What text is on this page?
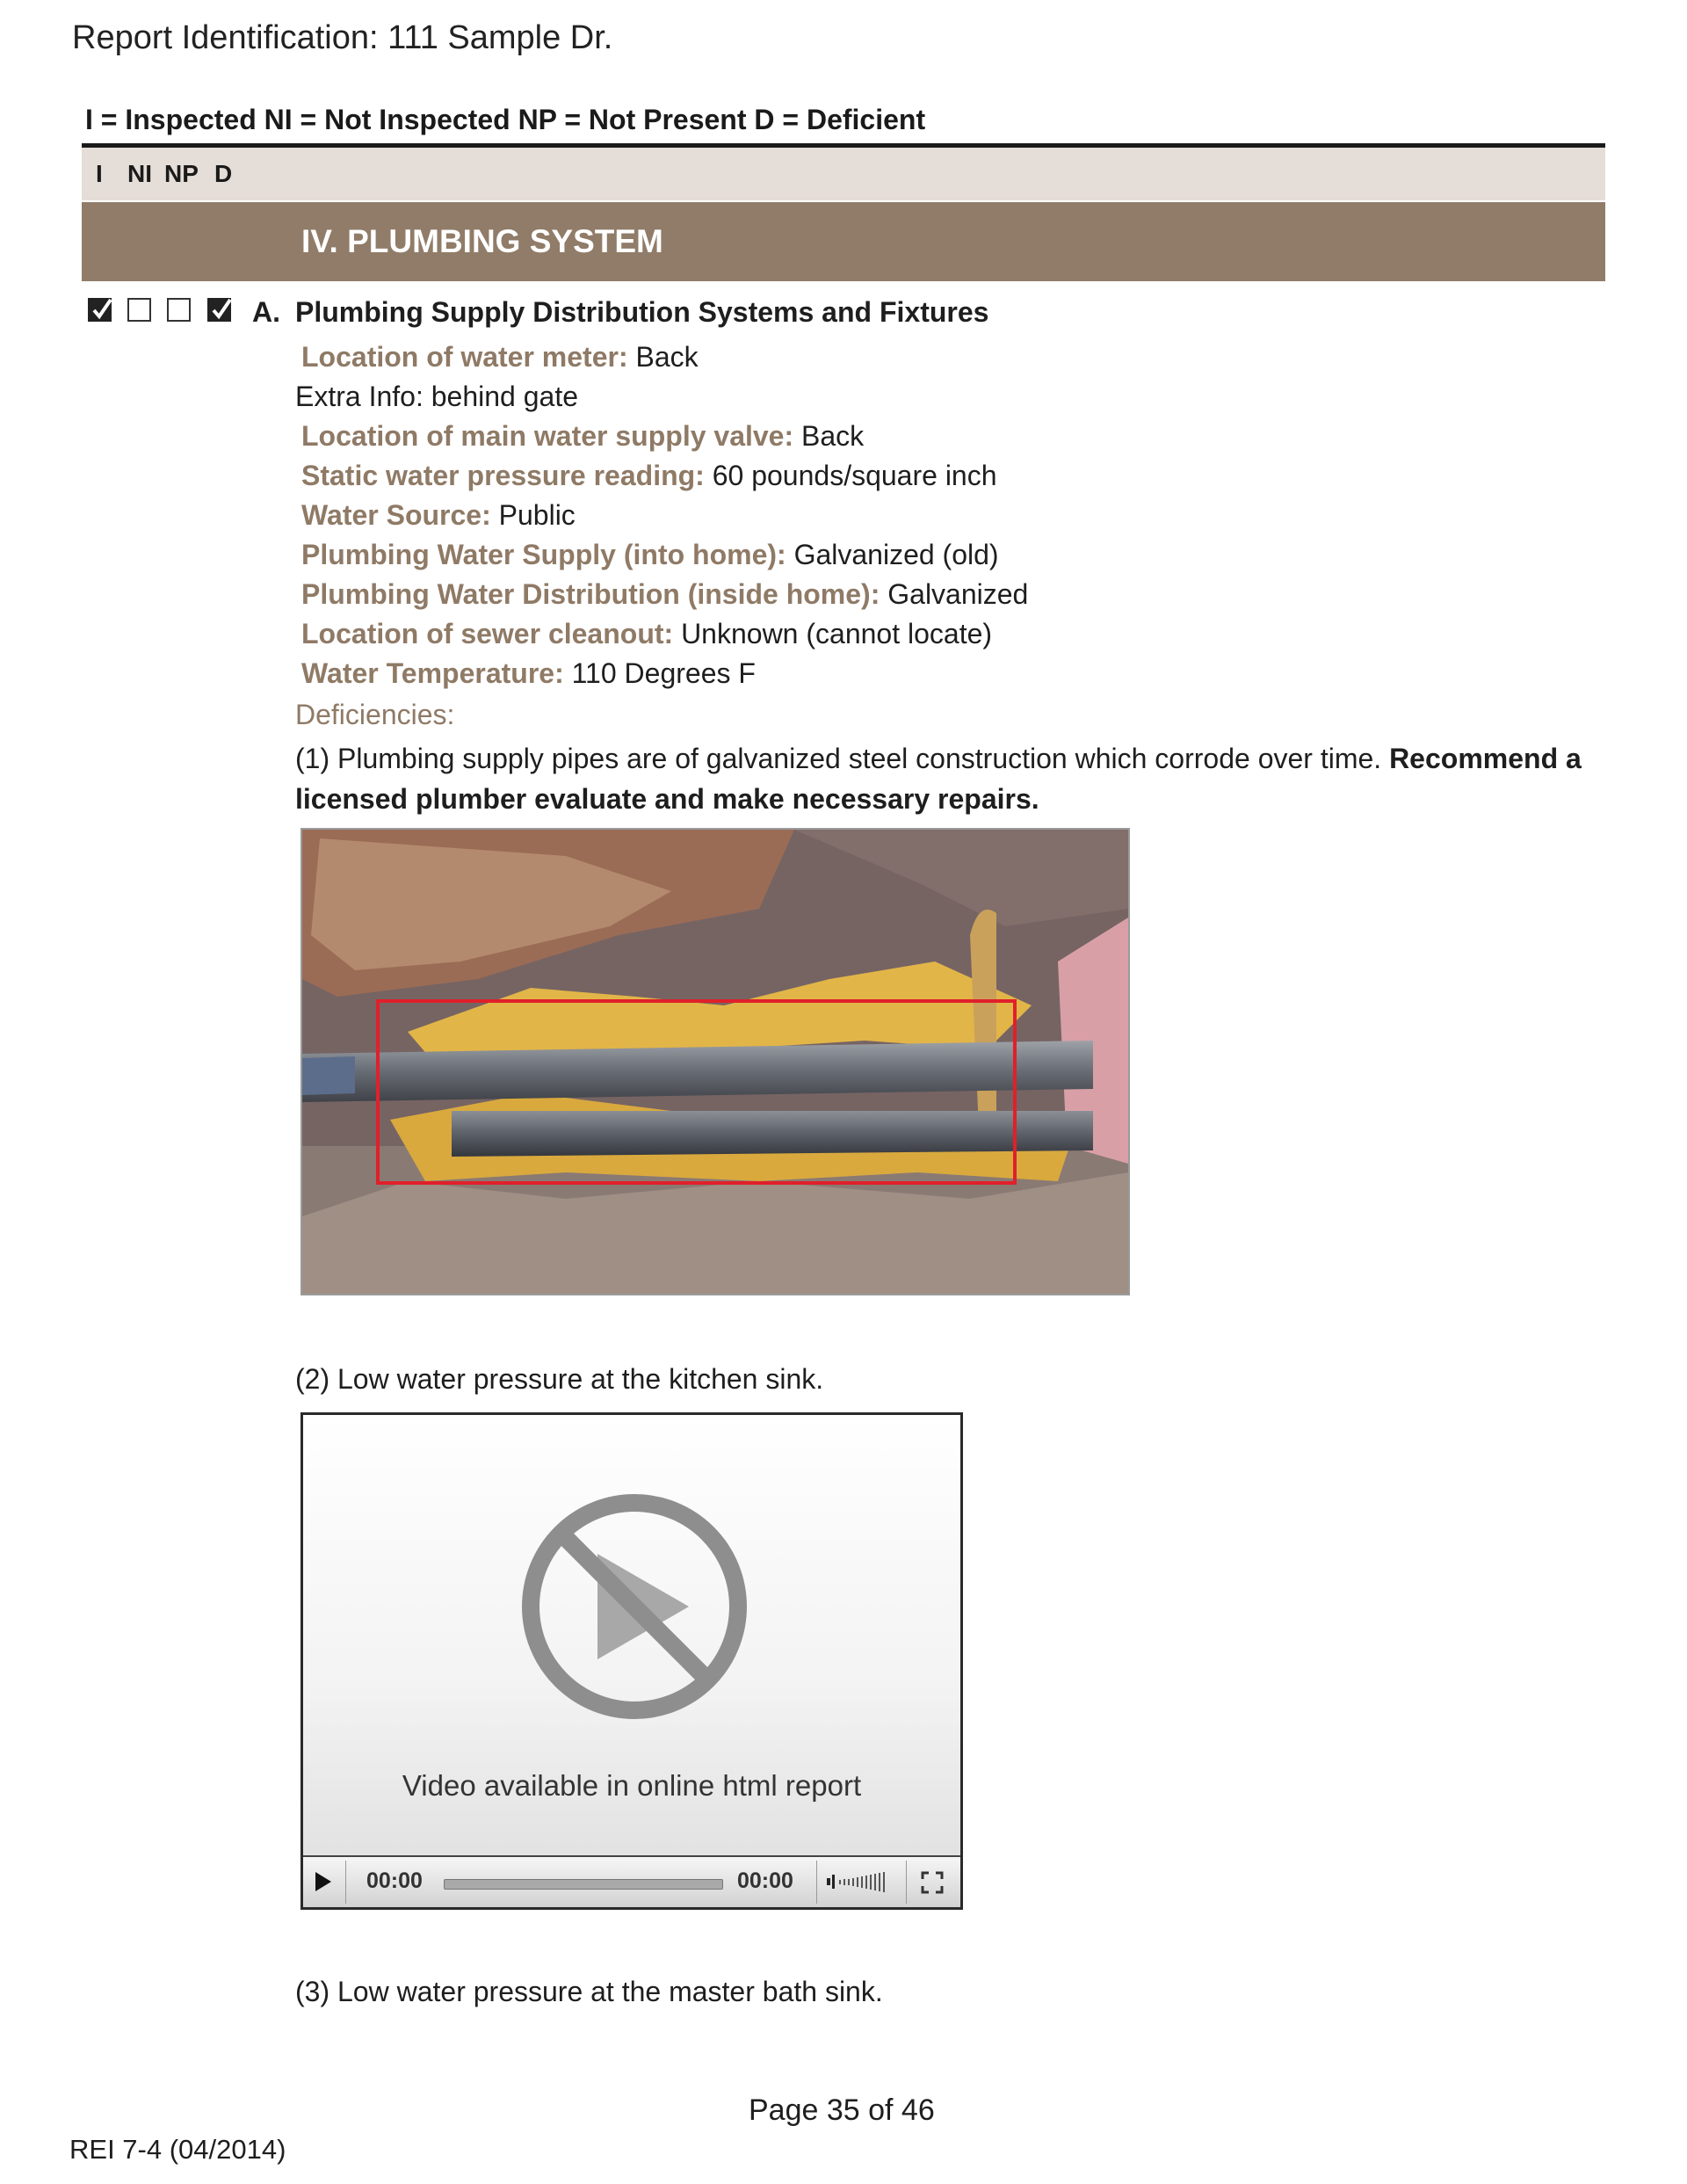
Report Identification: 111 Sample Dr.
I = Inspected NI = Not Inspected NP = Not Present D = Deficient
I NI NP D
IV. PLUMBING SYSTEM
A. Plumbing Supply Distribution Systems and Fixtures
Location of water meter: Back
Extra Info: behind gate
Location of main water supply valve: Back
Static water pressure reading: 60 pounds/square inch
Water Source: Public
Plumbing Water Supply (into home): Galvanized (old)
Plumbing Water Distribution (inside home): Galvanized
Location of sewer cleanout: Unknown (cannot locate)
Water Temperature: 110 Degrees F
Deficiencies:
(1) Plumbing supply pipes are of galvanized steel construction which corrode over time. Recommend a licensed plumber evaluate and make necessary repairs.
(2) Low water pressure at the kitchen sink.
Video available in online html report
00:00	00:00
(3) Low water pressure at the master bath sink.
Page 35 of 46
REI 7-4 (04/2014)
